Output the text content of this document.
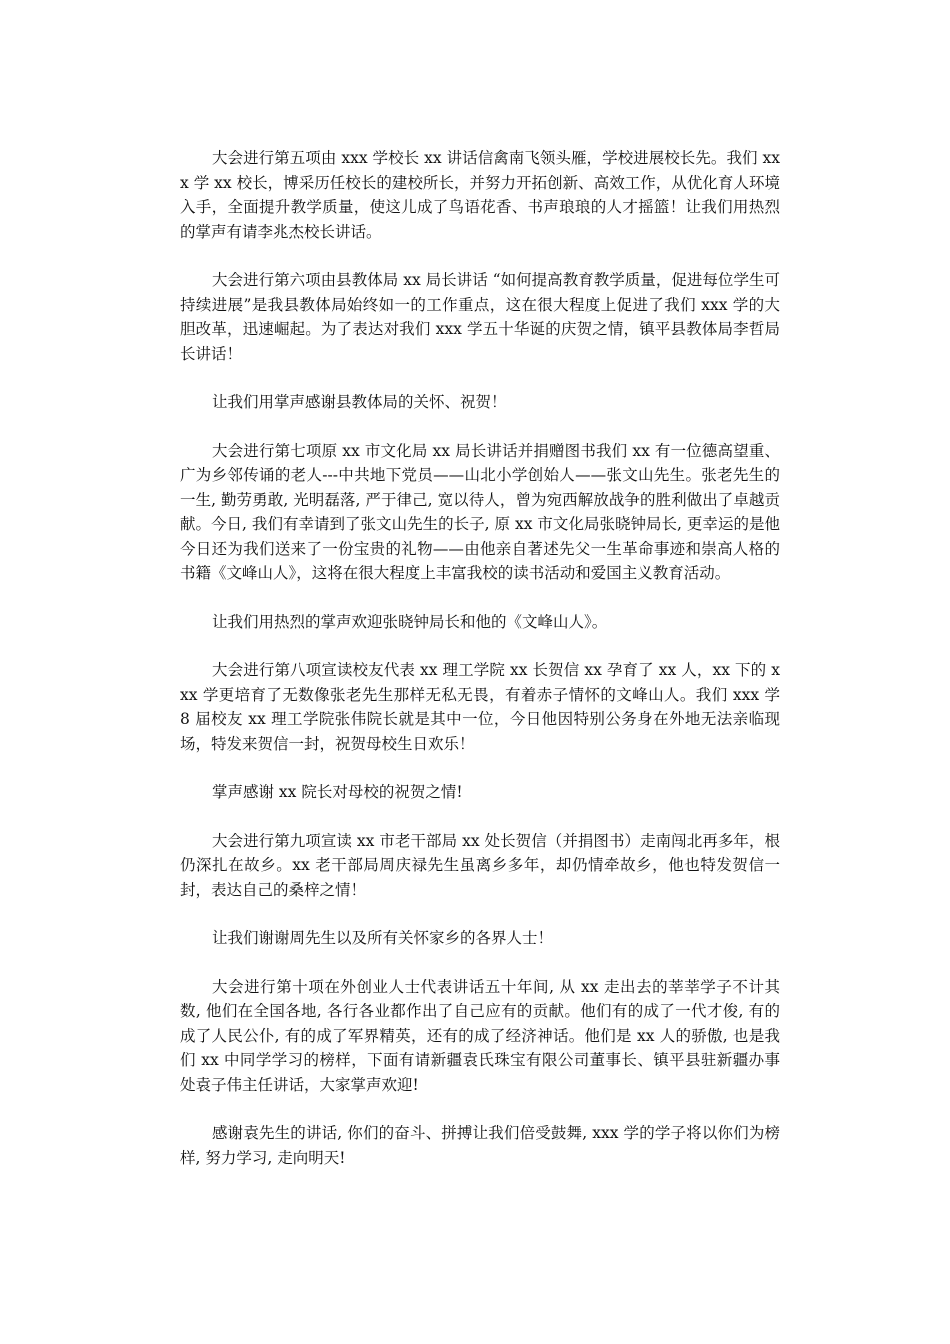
大会进行第五项由 xxx 学校长 xx 讲话信禽南飞领头雁，学校进展校长先。我们 xxx 学 xx 校长，博采历任校长的建校所长，并努力开拓创新、高效工作，从优化育人环境入手，全面提升教学质量，使这儿成了鸟语花香、书声琅琅的人才摇篮！让我们用热烈的掌声有请李兆杰校长讲话。

大会进行第六项由县教体局 xx 局长讲话 “如何提高教育教学质量，促进每位学生可持续进展”是我县教体局始终如一的工作重点，这在很大程度上促进了我们 xxx 学的大胆改革，迅速崛起。为了表达对我们 xxx 学五十华诞的庆贺之情，镇平县教体局李哲局长讲话！

让我们用掌声感谢县教体局的关怀、祝贺！

大会进行第七项原 xx 市文化局 xx 局长讲话并捐赠图书我们 xx 有一位德高望重、广为乡邻传诵的老人---中共地下党员——山北小学创始人——张文山先生。张老先生的一生, 勤劳勇敢, 光明磊落, 严于律己, 宽以待人，曾为宛西解放战争的胜利做出了卓越贡献。今日, 我们有幸请到了张文山先生的长子, 原 xx 市文化局张晓钟局长, 更幸运的是他今日还为我们送来了一份宝贵的礼物——由他亲自著述先父一生革命事迹和崇高人格的书籍《文峰山人》，这将在很大程度上丰富我校的读书活动和爱国主义教育活动。

让我们用热烈的掌声欢迎张晓钟局长和他的《文峰山人》。

大会进行第八项宣读校友代表 xx 理工学院 xx 长贺信 xx 孕育了 xx 人，xx 下的 xxx 学更培育了无数像张老先生那样无私无畏，有着赤子情怀的文峰山人。我们 xxx 学 8 届校友 xx 理工学院张伟院长就是其中一位，今日他因特别公务身在外地无法亲临现场，特发来贺信一封，祝贺母校生日欢乐！

掌声感谢 xx 院长对母校的祝贺之情!

大会进行第九项宣读 xx 市老干部局 xx 处长贺信（并捐图书）走南闯北再多年，根仍深扎在故乡。xx 老干部局周庆禄先生虽离乡多年，却仍情牵故乡，他也特发贺信一封，表达自己的桑梓之情！

让我们谢谢周先生以及所有关怀家乡的各界人士！

大会进行第十项在外创业人士代表讲话五十年间, 从 xx 走出去的莘莘学子不计其数, 他们在全国各地, 各行各业都作出了自己应有的贡献。他们有的成了一代才俊, 有的成了人民公仆, 有的成了军界精英，还有的成了经济神话。他们是 xx 人的骄傲, 也是我们 xx 中同学学习的榜样，下面有请新疆袁氏珠宝有限公司董事长、镇平县驻新疆办事处袁子伟主任讲话，大家掌声欢迎!

感谢袁先生的讲话, 你们的奋斗、拼搏让我们倍受鼓舞, xxx 学的学子将以你们为榜样, 努力学习, 走向明天!
